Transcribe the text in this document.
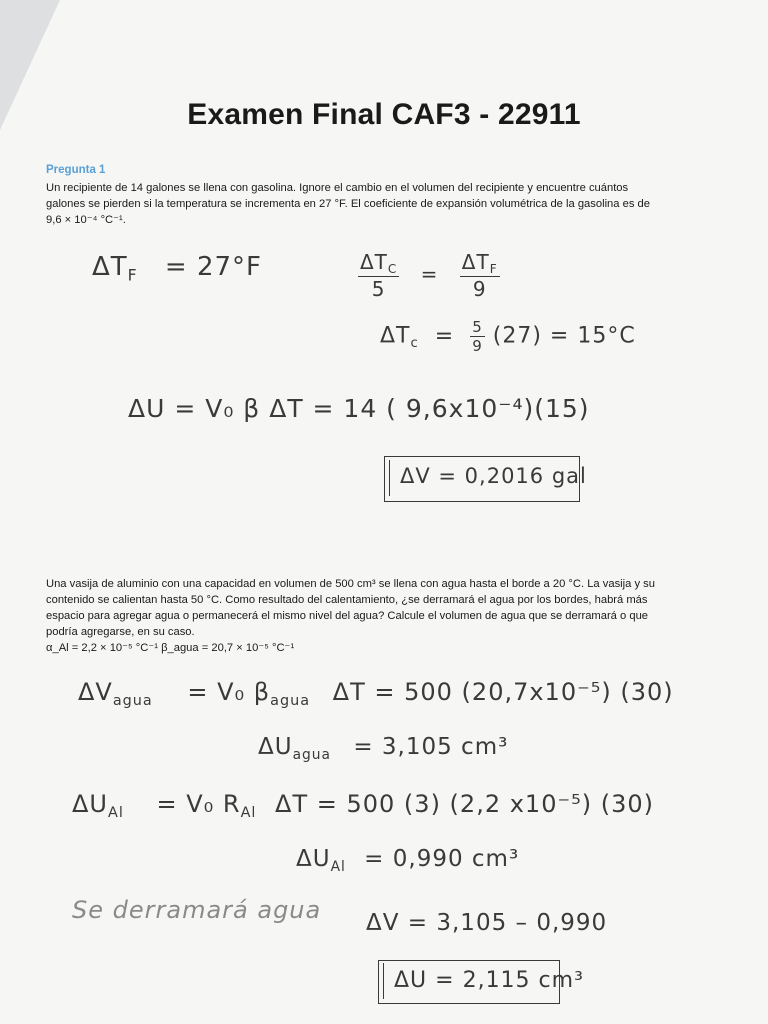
Examen Final CAF3 - 22911
Pregunta 1
Un recipiente de 14 galones se llena con gasolina. Ignore el cambio en el volumen del recipiente y encuentre cuántos
galones se pierden si la temperatura se incrementa en 27 °F. El coeficiente de expansión volumétrica de la gasolina es de
9,6 × 10⁻⁴ °C⁻¹.
$\Delta T_F = 27^\circ F$	$\frac{\Delta T_C}{5} = \frac{\Delta T_F}{9}$
$\Delta T_c = \frac{5}{9} (27) = 15^\circ C$
ΔU = V₀ β ΔT = 14 ( 9,6x10⁻⁴)(15)
ΔV = 0,2016 gal
Una vasija de aluminio con una capacidad en volumen de 500 cm³ se llena con agua hasta el borde a 20 °C. La vasija y su
contenido se calientan hasta 50 °C. Como resultado del calentamiento, ¿se derramará el agua por los bordes, habrá más
espacio para agregar agua o permanecerá el mismo nivel del agua? Calcule el volumen de agua que se derramará o que
podría agregarse, en su caso.
α_Al = 2,2 × 10⁻⁵ °C⁻¹ β_agua = 20,7 × 10⁻⁵ °C⁻¹
$\Delta V_{agua} = V_0$ $\beta_{agua}$ ΔT = 500 (20,7x10⁻⁵) (30)
$\Delta U_{agua} = 3,105$ cm³
$\Delta U_{Al} = V_0$ $R_{Al}$ ΔT = 500 (3) (2,2 x10⁻⁵) (30)
$\Delta U_{Al} = 0,990$ cm³
Se derramará agua ΔV = 3,105 – 0,990
ΔU = 2,115 cm³
